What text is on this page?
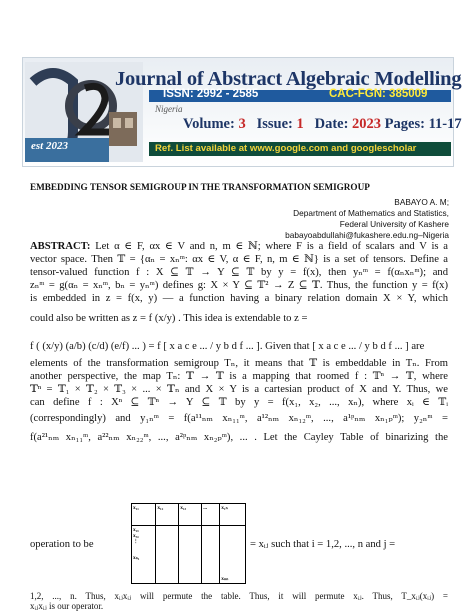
est 2023
Journal of Abstract Algebraic Modelling
ISSN: 2992 - 2585	CAC-FGN: 385009
Nigeria
Volume: 3 Issue: 1 Date: 2023 Pages: 11-17
Ref. List available at www.google.com and googlescholar
EMBEDDING TENSOR SEMIGROUP IN THE TRANSFORMATION SEMIGROUP
BABAYO A. M;
Department of Mathematics and Statistics,
Federal University of Kashere
babayoabdullahi@fukashere.edu.ng–Nigeria
ABSTRACT: Let α ∈ F, αx ∈ V and n, m ∈ ℕ; where F is a field of scalars and V is a
vector space. Then 𝕋 = {αₙ = xₙᵐ: αx ∈ V, α ∈ F, n, m ∈ ℕ} is a set of tensors. Define a
tensor-valued function f : X ⊆ 𝕋 → Y ⊆ 𝕋 by y = f(x), then yₙᵐ = f(αₙxₙᵐ); and
zₙᵐ = g(αₙ = xₙᵐ, bₙ = yₙᵐ) defines g: X × Y ⊆ 𝕋² → Z ⊆ 𝕋. Thus, the function y = f(x)
is embedded in z = f(x, y) — a function having a binary relation domain X × Y, which
could also be written as z = f (x/y) . This idea is extendable to z =
f ( (x/y) (a/b) (c/d) (e/f) ... ) = f [ x a c e ... / y b d f ... ]. Given that [ x a c e ... / y b d f ... ] are
elements of the transformation semigroup Tₙ, it means that 𝕋 is embeddable in Tₙ. From
another perspective, the map Tₙ: 𝕋 → 𝕋 is a mapping that roomed f : 𝕋ⁿ → 𝕋, where
𝕋ⁿ = 𝕋₁ × 𝕋₂ × 𝕋₃ × ... × 𝕋ₙ and X × Y is a cartesian product of X and Y. Thus, we
can define f : Xⁿ ⊆ 𝕋ⁿ → Y ⊆ 𝕋 by y = f(x₁, x₂, ..., xₙ), where xᵢ ∈ 𝕋ᵢ
(correspondingly) and y₁ₙᵐ = f(a¹¹ₙₘ xₙ₁₁ᵐ, a¹²ₙₘ xₙ₁₂ᵐ, ..., a¹ᵖₙₘ xₙ₁ₚᵐ); y₂ₙᵐ =
f(a²¹ₙₘ xₙ₁₁ᵐ, a²²ₙₘ xₙ₂₂ᵐ, ..., a²ᵖₙₘ xₙ₂ₚᵐ), ... . Let the Cayley Table of binarizing the
operation to be
x₁₁	x₁₂	x₁₃	...	x₁ₙ

x₂₁
x₃₁
⋮
xₙ₁				xₙₙ
= xᵢⱼ such that i = 1,2, ..., n and j =
1,2, ..., n. Thus, xᵢⱼxᵢⱼ will permute the table. Thus, it will permute xᵢⱼ. Thus, T_xᵢⱼ(xᵢⱼ) =
xᵢⱼxᵢⱼ is our operator.
